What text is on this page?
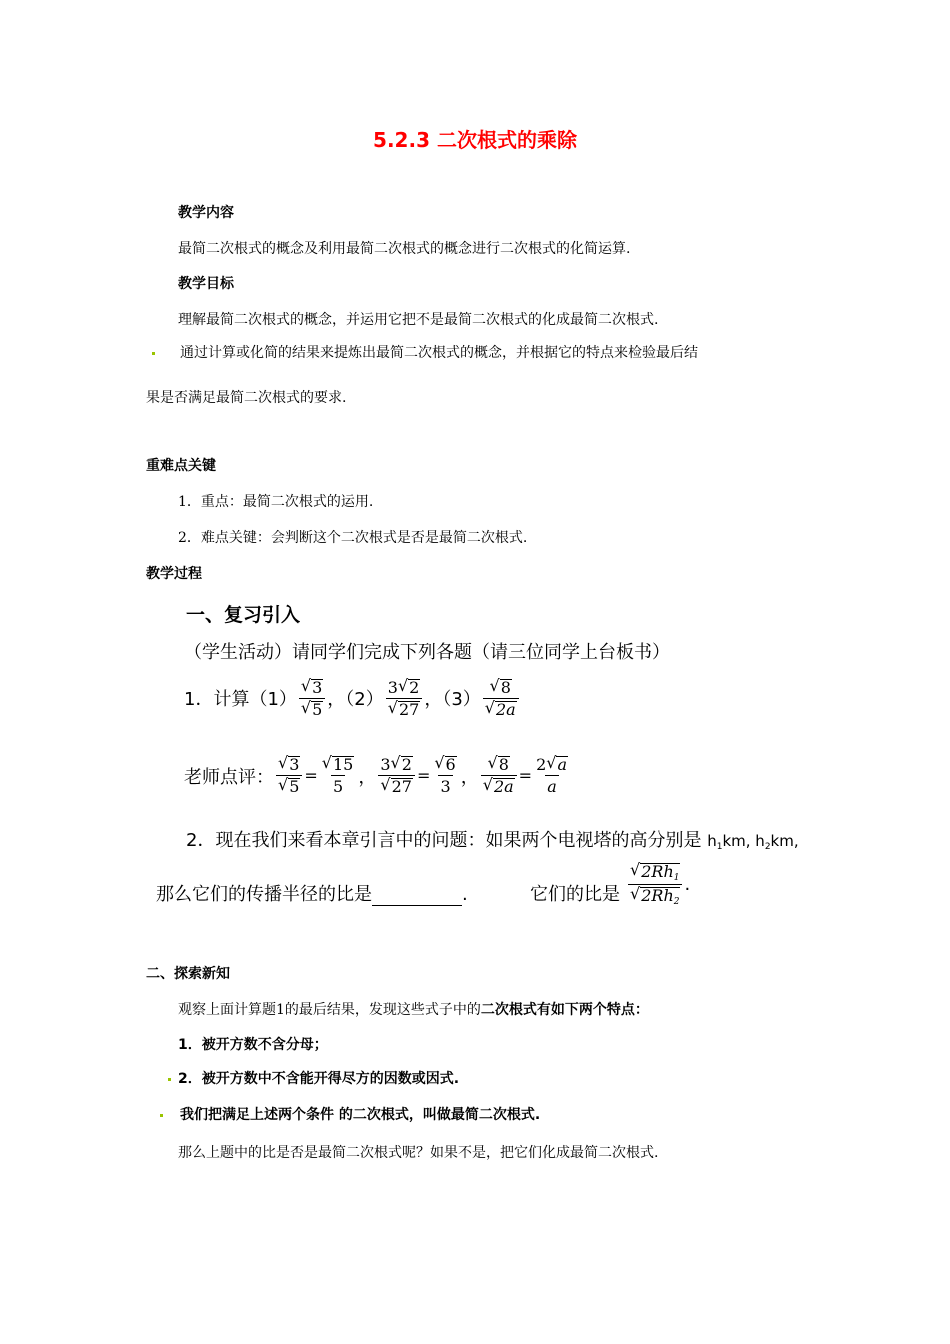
5.2.3 二次根式的乘除
教学内容
最简二次根式的概念及利用最简二次根式的概念进行二次根式的化简运算.
教学目标
理解最简二次根式的概念，并运用它把不是最简二次根式的化成最简二次根式.
通过计算或化简的结果来提炼出最简二次根式的概念，并根据它的特点来检验最后结
果是否满足最简二次根式的要求.
重难点关键
1．重点：最简二次根式的运用.
2．难点关键：会判断这个二次根式是否是最简二次根式.
教学过程
一、复习引入
（学生活动）请同学们完成下列各题（请三位同学上台板书）
1．计算$(1) \frac{√ 3}{√ 5}$ ，$(2) \frac{3 √ 2}{√ 27}$ ，$(3) \frac{√ 8}{√ 2a}$
老师点评： $\frac{√ 3}{√ 5} = \frac{√ 15}{5}$ ， $\frac{3 √ 2}{√ 27} = \frac{√ 6}{3}$ ， $\frac{√ 8}{√ 2a} = \frac{2 √ a}{a}$
2．现在我们来看本章引言中的问题：如果两个电视塔的高分别是 $h_1km$, $h_2km$,
那么它们的传播半径的比是	.	它们的比是 $\frac{√ 2Rh_1}{√ 2Rh_2}$ .
二、探索新知
观察上面计算题1的最后结果，发现这些式子中的二次根式有如下两个特点：
1．被开方数不含分母；
2．被开方数中不含能开得尽方的因数或因式.
我们把满足上述两个条件 的二次根式，叫做最简二次根式.
那么上题中的比是否是最简二次根式呢？如果不是，把它们化成最简二次根式.
